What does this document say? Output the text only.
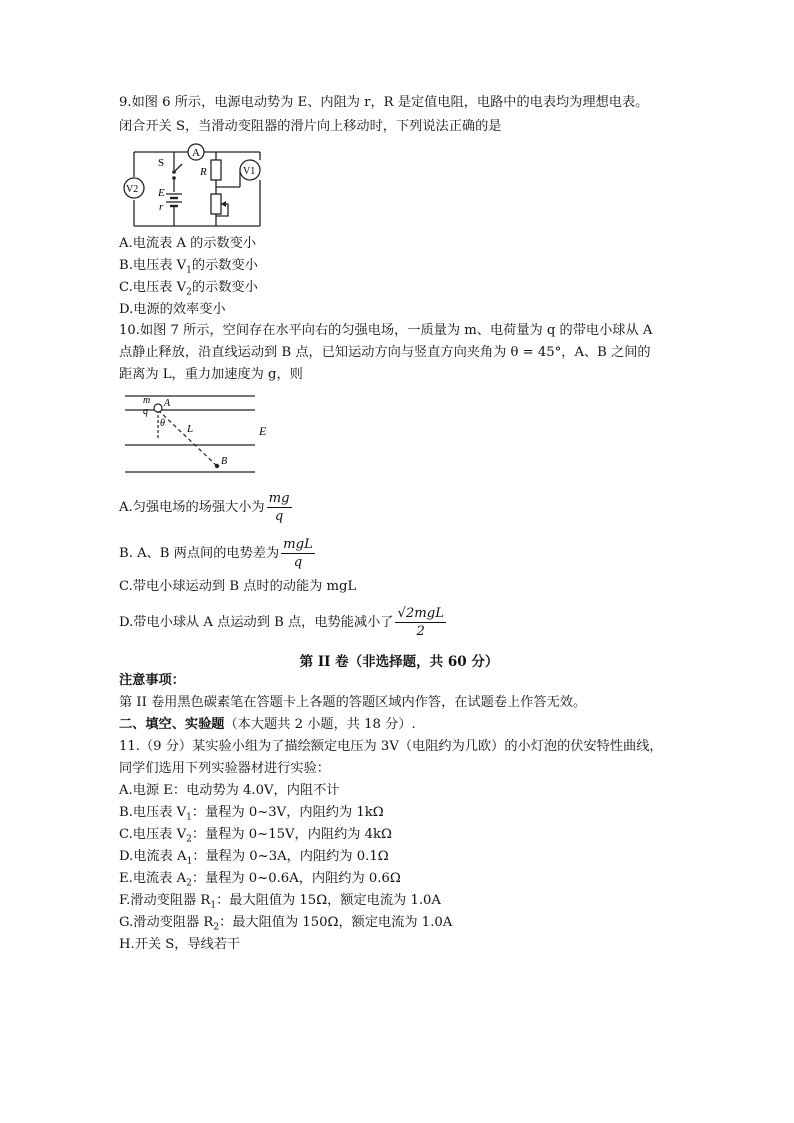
9.如图 6 所示，电源电动势为 E、内阻为 r，R 是定值电阻，电路中的电表均为理想电表。
闭合开关 S，当滑动变阻器的滑片向上移动时，下列说法正确的是
A
S
R
E
r
V1
V2
A.电流表 A 的示数变小
B.电压表 $V_1$的示数变小
C.电压表 $V_2$的示数变小
D.电源的效率变小
10.如图 7 所示，空间存在水平向右的匀强电场，一质量为 m、电荷量为 q 的带电小球从 A
点静止释放，沿直线运动到 B 点，已知运动方向与竖直方向夹角为 θ = 45°，A、B 之间的
距离为 L，重力加速度为 g，则
m
q
A
θ L	E
B
A.匀强电场的场强大小为 $\frac{mg}{q}$
B. A、B 两点间的电势差为 $\frac{\text{mgL}}{q}$
C.带电小球运动到 B 点时的动能为 mgL
D.带电小球从 A 点运动到 B 点，电势能减小了 $\frac{\text{√2mgL}}{2}$
第 II 卷（非选择题，共 60 分）
注意事项：
第 II 卷用黑色碳素笔在答题卡上各题的答题区域内作答，在试题卷上作答无效。
二、填空、实验题（本大题共 2 小题，共 18 分）.
11.（9 分）某实验小组为了描绘额定电压为 3V（电阻约为几欧）的小灯泡的伏安特性曲线，
同学们选用下列实验器材进行实验：
A.电源 E：电动势为 4.0V，内阻不计
B.电压表 $V_1$：量程为 0~3V，内阻约为 1kΩ
C.电压表 $V_2$：量程为 0~15V，内阻约为 4kΩ
D.电流表 $A_1$：量程为 0~3A，内阻约为 0.1Ω
E.电流表 $A_2$：量程为 0~0.6A，内阻约为 0.6Ω
F.滑动变阻器 $R_1$：最大阻值为 15Ω，额定电流为 1.0A
G.滑动变阻器 $R_2$：最大阻值为 150Ω，额定电流为 1.0A
H.开关 S，导线若干
